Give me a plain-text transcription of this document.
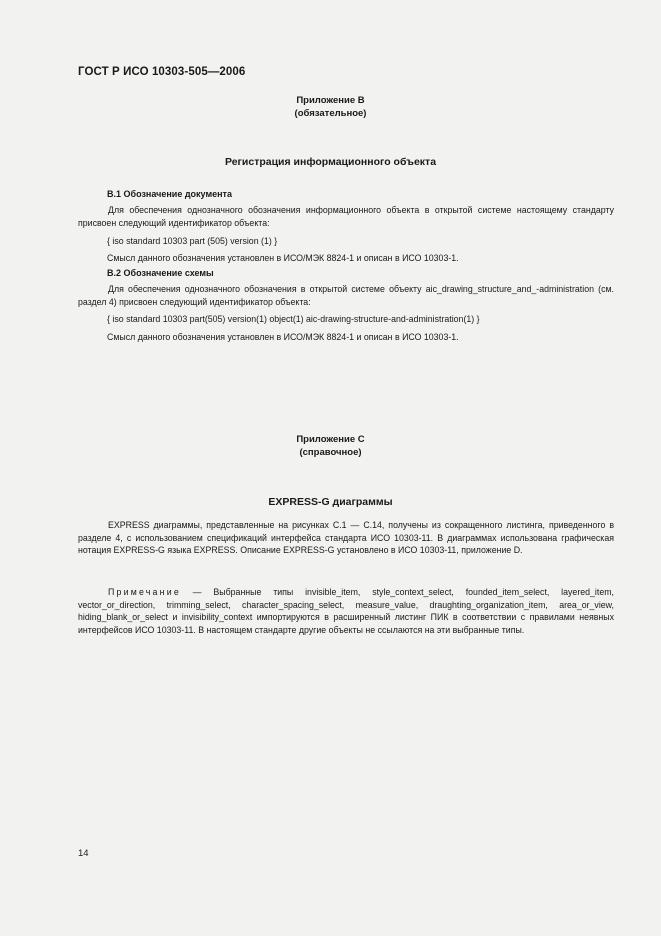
ГОСТ Р ИСО 10303-505—2006
Приложение B
(обязательное)
Регистрация информационного объекта
B.1 Обозначение документа
Для обеспечения однозначного обозначения информационного объекта в открытой системе настоящему стандарту присвоен следующий идентификатор объекта:
{ iso standard 10303 part (505) version (1) }
Смысл данного обозначения установлен в ИСО/МЭК 8824-1 и описан в ИСО 10303-1.
B.2 Обозначение схемы
Для обеспечения однозначного обозначения в открытой системе объекту aic_drawing_structure_and_-administration (см. раздел 4) присвоен следующий идентификатор объекта:
{ iso standard 10303 part(505) version(1) object(1) aic-drawing-structure-and-administration(1) }
Смысл данного обозначения установлен в ИСО/МЭК 8824-1 и описан в ИСО 10303-1.
Приложение C
(справочное)
EXPRESS-G диаграммы
EXPRESS диаграммы, представленные на рисунках C.1 — C.14, получены из сокращенного листинга, приведенного в разделе 4, с использованием спецификаций интерфейса стандарта ИСО 10303-11. В диаграммах использована графическая нотация EXPRESS-G языка EXPRESS. Описание EXPRESS-G установлено в ИСО 10303-11, приложение D.
Примечание — Выбранные типы invisible_item, style_context_select, founded_item_select, layered_item, vector_or_direction, trimming_select, character_spacing_select, measure_value, draughting_organization_item, area_or_view, hiding_blank_or_select и invisibility_context импортируются в расширенный листинг ПИК в соответствии с правилами неявных интерфейсов ИСО 10303-11. В настоящем стандарте другие объекты не ссылаются на эти выбранные типы.
14
